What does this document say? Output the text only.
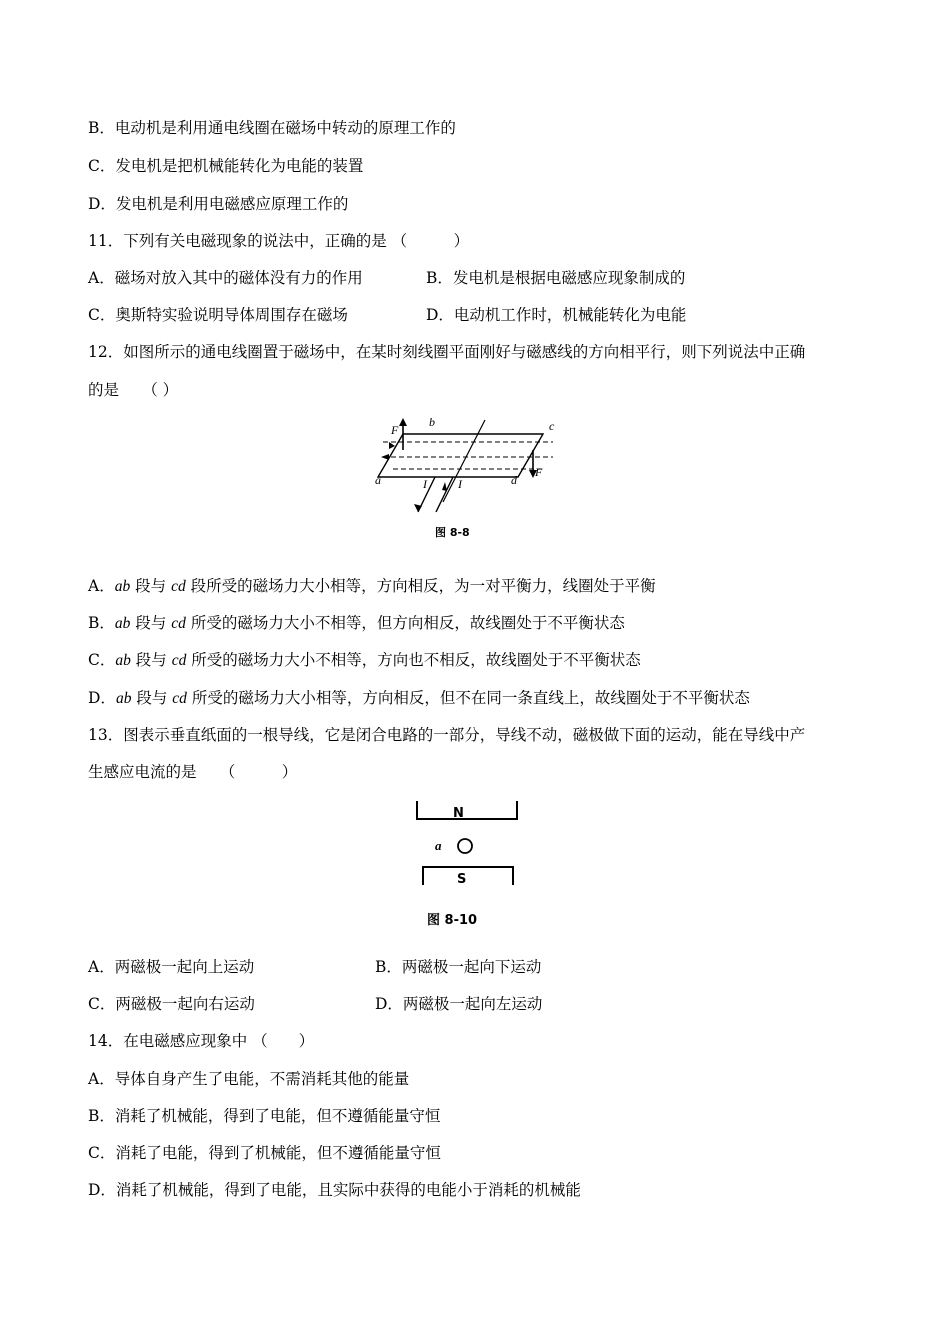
B．电动机是利用通电线圈在磁场中转动的原理工作的
C．发电机是把机械能转化为电能的装置
D．发电机是利用电磁感应原理工作的
11．下列有关电磁现象的说法中，正确的是 （　　　）
A．磁场对放入其中的磁体没有力的作用	B．发电机是根据电磁感应现象制成的
C．奥斯特实验说明导体周围存在磁场	D．电动机工作时，机械能转化为电能
12．如图所示的通电线圈置于磁场中，在某时刻线圈平面刚好与磁感线的方向相平行，则下列说法中正确
的是　　（ ）
F
b	c
a	d
F
I	I
图 8-8
A．ab 段与 cd 段所受的磁场力大小相等，方向相反，为一对平衡力，线圈处于平衡
B．ab 段与 cd 所受的磁场力大小不相等，但方向相反，故线圈处于不平衡状态
C．ab 段与 cd 所受的磁场力大小不相等，方向也不相反，故线圈处于不平衡状态
D．ab 段与 cd 所受的磁场力大小相等，方向相反，但不在同一条直线上，故线圈处于不平衡状态
13．图表示垂直纸面的一根导线，它是闭合电路的一部分，导线不动，磁极做下面的运动，能在导线中产
生感应电流的是　　（　　　）
N
a
S
图 8-10
A．两磁极一起向上运动	B．两磁极一起向下运动
C．两磁极一起向右运动	D．两磁极一起向左运动
14．在电磁感应现象中 （　　）
A．导体自身产生了电能，不需消耗其他的能量
B．消耗了机械能，得到了电能，但不遵循能量守恒
C．消耗了电能，得到了机械能，但不遵循能量守恒
D．消耗了机械能，得到了电能，且实际中获得的电能小于消耗的机械能
